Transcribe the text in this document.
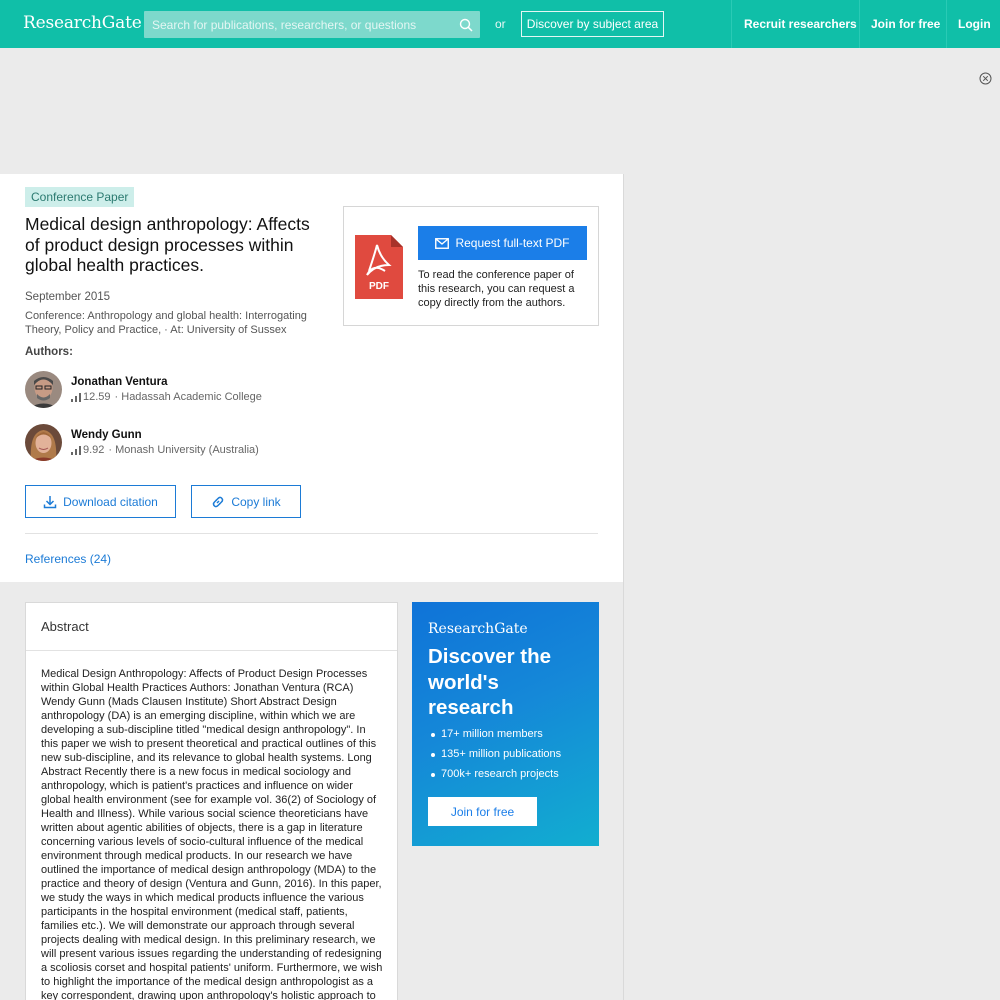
ResearchGate
Search for publications, researchers, or questions	or	Discover by subject area	Recruit researchers Join for free Login
Conference Paper
Medical design anthropology: Affects of product design processes within global health practices.
September 2015
Conference: Anthropology and global health: Interrogating Theory, Policy and Practice, · At: University of Sussex
Authors:
Jonathan Ventura
12.59 · Hadassah Academic College
Wendy Gunn
9.92 · Monash University (Australia)
Download citation	Copy link
References (24)
PDF
Request full-text PDF
To read the conference paper of this research, you can request a copy directly from the authors.
Abstract
Medical Design Anthropology: Affects of Product Design Processes within Global Health Practices Authors: Jonathan Ventura (RCA) Wendy Gunn (Mads Clausen Institute) Short Abstract Design anthropology (DA) is an emerging discipline, within which we are developing a sub-discipline titled "medical design anthropology". In this paper we wish to present theoretical and practical outlines of this new sub-discipline, and its relevance to global health systems. Long Abstract Recently there is a new focus in medical sociology and anthropology, which is patient's practices and influence on wider global health environment (see for example vol. 36(2) of Sociology of Health and Illness). While various social science theoreticians have written about agentic abilities of objects, there is a gap in literature concerning various levels of socio-cultural influence of the medical environment through medical products. In our research we have outlined the importance of medical design anthropology (MDA) to the practice and theory of design (Ventura and Gunn, 2016). In this paper, we study the ways in which medical products influence the various participants in the hospital environment (medical staff, patients, families etc.). We will demonstrate our approach through several projects dealing with medical design. In this preliminary research, we will present various issues regarding the understanding of redesigning a scoliosis corset and hospital patients' uniform. Furthermore, we wish to highlight the importance of the medical design anthropologist as a key correspondent, drawing upon anthropology's holistic approach to
ResearchGate
Discover the world's research
17+ million members
135+ million publications
700k+ research projects
Join for free
